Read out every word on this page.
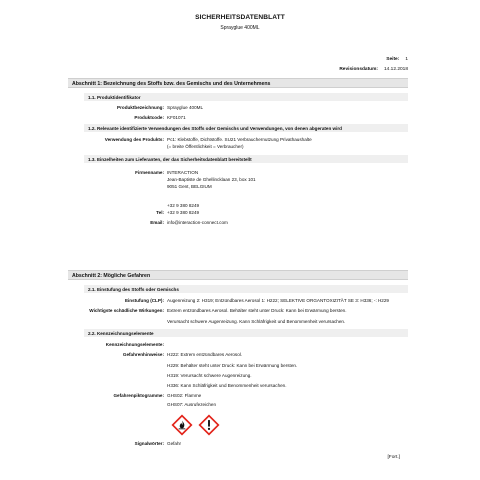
SICHERHEITSDATENBLATT
Sprayglue 400ML
Seite: 1
Revisionsdatum: 14.12.2018
Abschnitt 1: Bezeichnung des Stoffs bzw. des Gemischs und des Unternehmens
1.1. Produktidentifikator
Produktbezeichnung: Sprayglue 400ML
Produktcode: KF01071
1.2. Relevante identifizierte Verwendungen des Stoffs oder Gemischs und Verwendungen, von denen abgeraten wird
Verwendung des Produkts: Pc1: Klebstoffe, Dichtstoffe. SU21 Verbrauchernutzung Privathaushalte
(= breite Öffentlichkeit = Verbraucher)
1.3. Einzelheiten zum Lieferanten, der das Sicherheitsdatenblatt bereitstellt
Firmenname: INTERACTION
Jean-Baptiste de Ghellincklaan 23, box 101
9051 Gent, BELGIUM
+32 9 380 8249
Tel: +32 9 380 8249
Email: info@interaction-connect.com
Abschnitt 2: Mögliche Gefahren
2.1. Einstufung des Stoffs oder Gemischs
Einstufung (CLP): Augenreizung 2: H319; Entzündbares Aerosol 1: H222; SELEKTIVE ORGANTOXIZITÄT SE 3: H336; -: H229
Wichtigste schädliche Wirkungen: Extrem entzündbares Aerosol. Behälter steht unter Druck: Kann bei Erwärmung bersten.
Verursacht schwere Augenreizung. Kann Schläfrigkeit und Benommenheit verursachen.
2.2. Kennzeichnungselemente
Kennzeichnungselemente:
Gefahrenhinweise: H222: Extrem entzündbares Aerosol.
H229: Behälter steht unter Druck: Kann bei Erwärmung bersten.
H319: Verursacht schwere Augenreizung.
H336: Kann Schläfrigkeit und Benommenheit verursachen.
Gefahrenpiktogramme: GHS02: Flamme
GHS07: Ausrufezeichen
Signalwörter: Gefahr
[Fort.]
